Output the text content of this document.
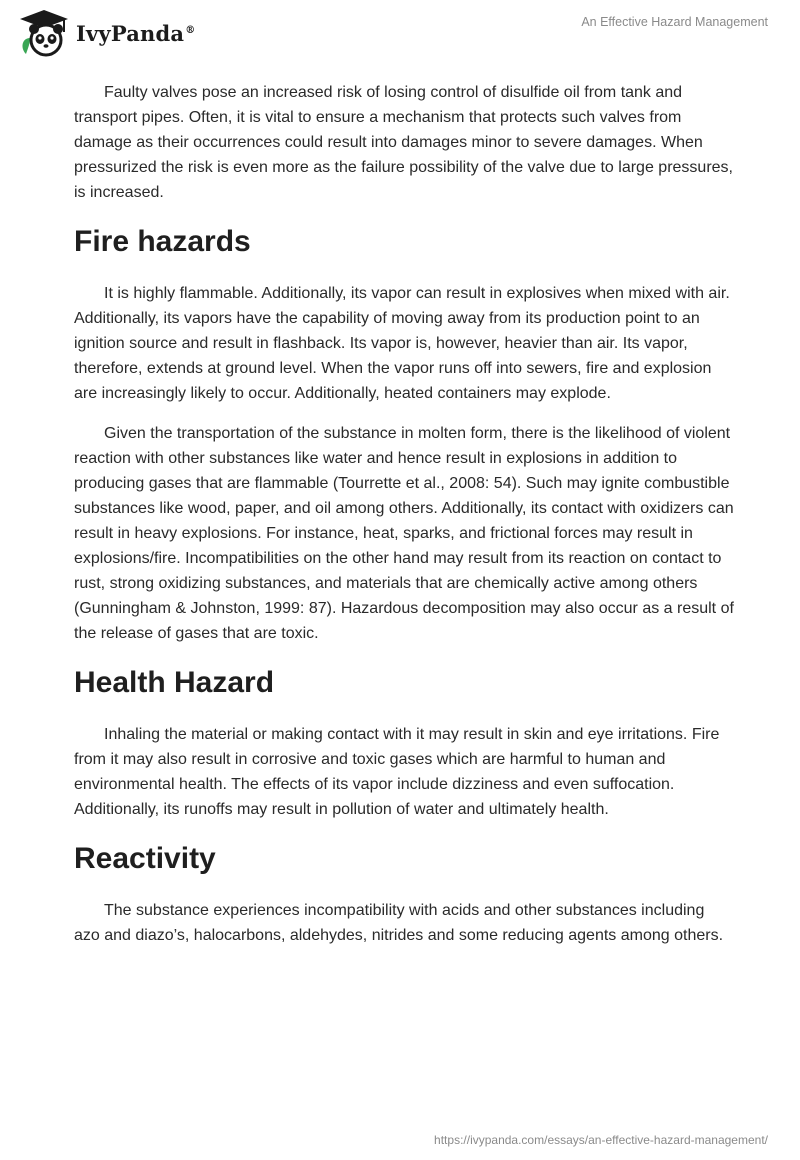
IvyPanda®
An Effective Hazard Management

Faulty valves pose an increased risk of losing control of disulfide oil from tank and transport pipes. Often, it is vital to ensure a mechanism that protects such valves from damage as their occurrences could result into damages minor to severe damages. When pressurized the risk is even more as the failure possibility of the valve due to large pressures, is increased.

Fire hazards

It is highly flammable. Additionally, its vapor can result in explosives when mixed with air. Additionally, its vapors have the capability of moving away from its production point to an ignition source and result in flashback. Its vapor is, however, heavier than air. Its vapor, therefore, extends at ground level. When the vapor runs off into sewers, fire and explosion are increasingly likely to occur. Additionally, heated containers may explode.

Given the transportation of the substance in molten form, there is the likelihood of violent reaction with other substances like water and hence result in explosions in addition to producing gases that are flammable (Tourrette et al., 2008: 54). Such may ignite combustible substances like wood, paper, and oil among others. Additionally, its contact with oxidizers can result in heavy explosions. For instance, heat, sparks, and frictional forces may result in explosions/fire. Incompatibilities on the other hand may result from its reaction on contact to rust, strong oxidizing substances, and materials that are chemically active among others (Gunningham & Johnston, 1999: 87). Hazardous decomposition may also occur as a result of the release of gases that are toxic.

Health Hazard

Inhaling the material or making contact with it may result in skin and eye irritations. Fire from it may also result in corrosive and toxic gases which are harmful to human and environmental health. The effects of its vapor include dizziness and even suffocation. Additionally, its runoffs may result in pollution of water and ultimately health.

Reactivity

The substance experiences incompatibility with acids and other substances including azo and diazo’s, halocarbons, aldehydes, nitrides and some reducing agents among others.

https://ivypanda.com/essays/an-effective-hazard-management/
